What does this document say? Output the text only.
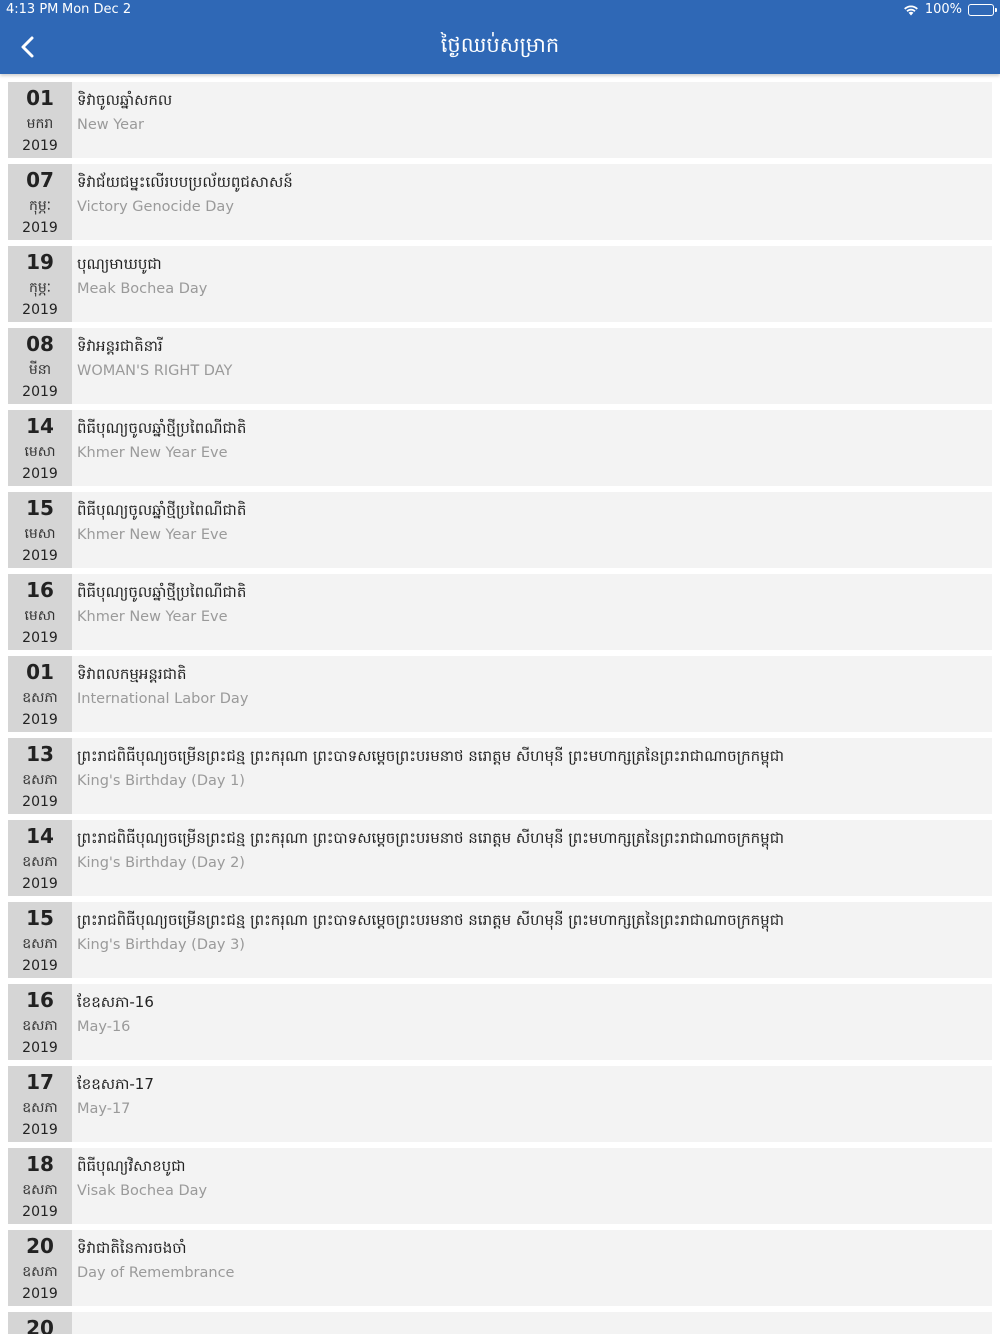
4:13 PM Mon Dec 2	100%
ថ្ងៃឈប់សម្រាក
01
មករា
2019
ទិវាចូលឆ្នាំសកល
New Year
07
កុម្ភៈ
2019
ទិវាជ័យជម្នះលើរបបប្រល័យពូជសាសន៍
Victory Genocide Day
19
កុម្ភៈ
2019
បុណ្យមាឃបូជា
Meak Bochea Day
08
មីនា
2019
ទិវាអន្តរជាតិនារី
WOMAN'S RIGHT DAY
14
មេសា
2019
ពិធីបុណ្យចូលឆ្នាំថ្មីប្រពៃណីជាតិ
Khmer New Year Eve
15
មេសា
2019
ពិធីបុណ្យចូលឆ្នាំថ្មីប្រពៃណីជាតិ
Khmer New Year Eve
16
មេសា
2019
ពិធីបុណ្យចូលឆ្នាំថ្មីប្រពៃណីជាតិ
Khmer New Year Eve
01
ឧសភា
2019
ទិវាពលកម្មអន្តរជាតិ
International Labor Day
13
ឧសភា
2019
ព្រះរាជពិធីបុណ្យចម្រើនព្រះជន្ម ព្រះករុណា ព្រះបាទសម្តេចព្រះបរមនាថ នរោត្តម សីហមុនី ព្រះមហាក្សត្រនៃព្រះរាជាណាចក្រកម្ពុជា
King's Birthday (Day 1)
14
ឧសភា
2019
ព្រះរាជពិធីបុណ្យចម្រើនព្រះជន្ម ព្រះករុណា ព្រះបាទសម្តេចព្រះបរមនាថ នរោត្តម សីហមុនី ព្រះមហាក្សត្រនៃព្រះរាជាណាចក្រកម្ពុជា
King's Birthday (Day 2)
15
ឧសភា
2019
ព្រះរាជពិធីបុណ្យចម្រើនព្រះជន្ម ព្រះករុណា ព្រះបាទសម្តេចព្រះបរមនាថ នរោត្តម សីហមុនី ព្រះមហាក្សត្រនៃព្រះរាជាណាចក្រកម្ពុជា
King's Birthday (Day 3)
16
ឧសភា
2019
ខែឧសភា-16
May-16
17
ឧសភា
2019
ខែឧសភា-17
May-17
18
ឧសភា
2019
ពិធីបុណ្យវិសាខបូជា
Visak Bochea Day
20
ឧសភា
2019
ទិវាជាតិនៃការចងចាំ
Day of Remembrance
20
